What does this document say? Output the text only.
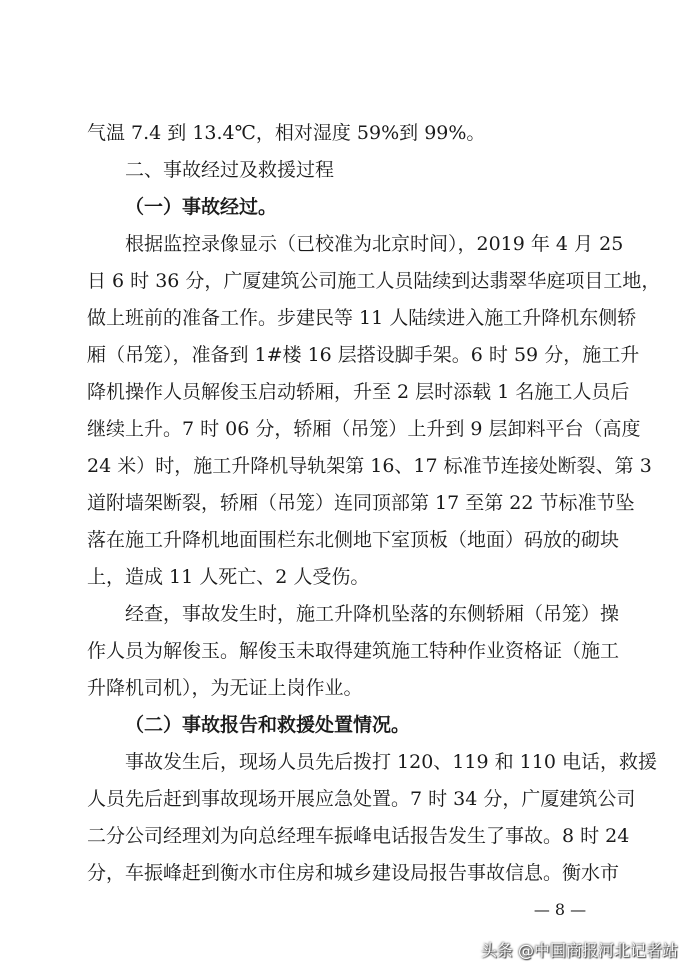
气温 7.4 到 13.4℃，相对湿度 59%到 99%。
二、事故经过及救援过程
（一）事故经过。
根据监控录像显示（已校准为北京时间），2019 年 4 月 25
日 6 时 36 分，广厦建筑公司施工人员陆续到达翡翠华庭项目工地，
做上班前的准备工作。步建民等 11 人陆续进入施工升降机东侧轿
厢（吊笼），准备到 1#楼 16 层搭设脚手架。6 时 59 分，施工升
降机操作人员解俊玉启动轿厢，升至 2 层时添载 1 名施工人员后
继续上升。7 时 06 分，轿厢（吊笼）上升到 9 层卸料平台（高度
24 米）时，施工升降机导轨架第 16、17 标准节连接处断裂、第 3
道附墙架断裂，轿厢（吊笼）连同顶部第 17 至第 22 节标准节坠
落在施工升降机地面围栏东北侧地下室顶板（地面）码放的砌块
上，造成 11 人死亡、2 人受伤。
经查，事故发生时，施工升降机坠落的东侧轿厢（吊笼）操
作人员为解俊玉。解俊玉未取得建筑施工特种作业资格证（施工
升降机司机），为无证上岗作业。
（二）事故报告和救援处置情况。
事故发生后，现场人员先后拨打 120、119 和 110 电话，救援
人员先后赶到事故现场开展应急处置。7 时 34 分，广厦建筑公司
二分公司经理刘为向总经理车振峰电话报告发生了事故。8 时 24
分，车振峰赶到衡水市住房和城乡建设局报告事故信息。衡水市
— 8 —
头条 @中国商报河北记者站
